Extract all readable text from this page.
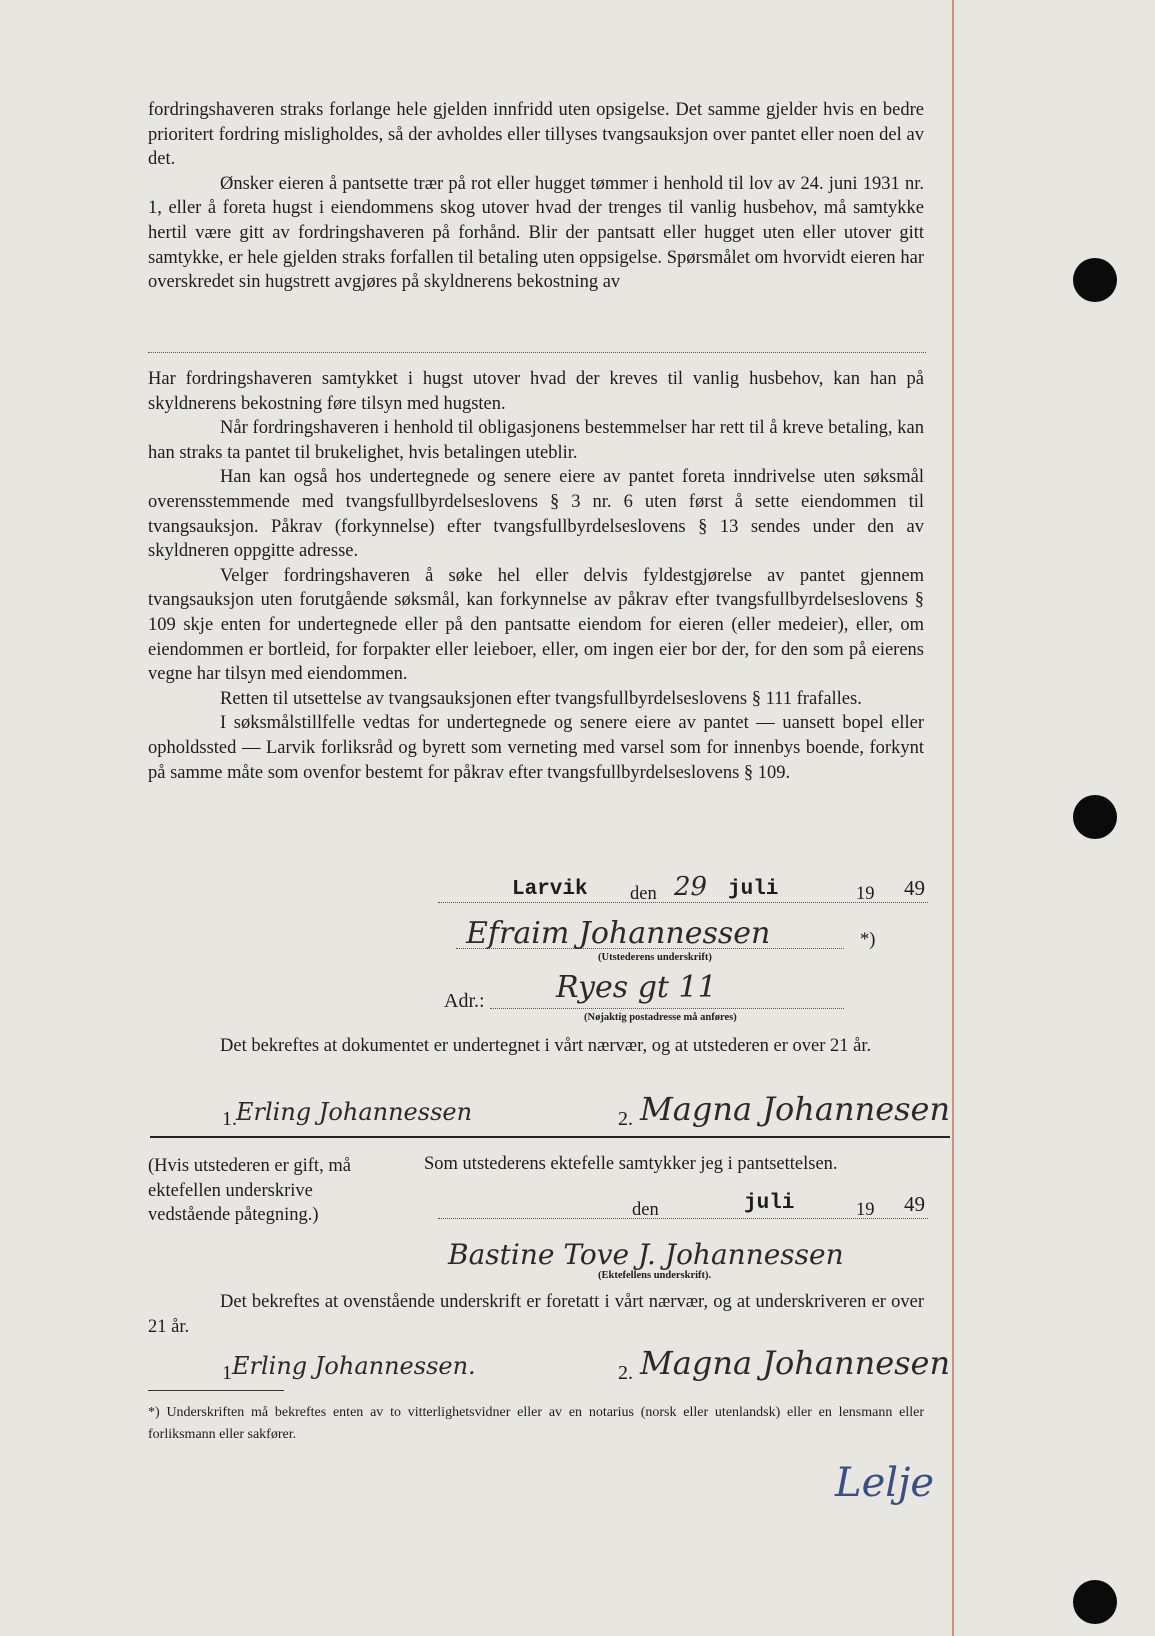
fordringshaveren straks forlange hele gjelden innfridd uten opsigelse. Det samme gjelder hvis en bedre prioritert fordring misligholdes, så der avholdes eller tillyses tvangsauksjon over pantet eller noen del av det.

Ønsker eieren å pantsette trær på rot eller hugget tømmer i henhold til lov av 24. juni 1931 nr. 1, eller å foreta hugst i eiendommens skog utover hvad der trenges til vanlig husbehov, må samtykke hertil være gitt av fordringshaveren på forhånd. Blir der pantsatt eller hugget uten eller utover gitt samtykke, er hele gjelden straks forfallen til betaling uten oppsigelse. Spørsmålet om hvorvidt eieren har overskredet sin hugstrett avgjøres på skyldnerens bekostning av

Har fordringshaveren samtykket i hugst utover hvad der kreves til vanlig husbehov, kan han på skyldnerens bekostning føre tilsyn med hugsten.

Når fordringshaveren i henhold til obligasjonens bestemmelser har rett til å kreve betaling, kan han straks ta pantet til brukelighet, hvis betalingen uteblir.

Han kan også hos undertegnede og senere eiere av pantet foreta inndrivelse uten søksmål overensstemmende med tvangsfullbyrdelseslovens § 3 nr. 6 uten først å sette eiendommen til tvangsauksjon. Påkrav (forkynnelse) efter tvangsfullbyrdelseslovens § 13 sendes under den av skyldneren oppgitte adresse.

Velger fordringshaveren å søke hel eller delvis fyldestgjørelse av pantet gjennem tvangsauksjon uten forutgående søksmål, kan forkynnelse av påkrav efter tvangsfullbyrdelseslovens § 109 skje enten for undertegnede eller på den pantsatte eiendom for eieren (eller medeier), eller, om eiendommen er bortleid, for forpakter eller leieboer, eller, om ingen eier bor der, for den som på eierens vegne har tilsyn med eiendommen.

Retten til utsettelse av tvangsauksjonen efter tvangsfullbyrdelseslovens § 111 frafalles.

I søksmålstillfelle vedtas for undertegnede og senere eiere av pantet — uansett bopel eller opholdssted — Larvik forliksråd og byrett som verneting med varsel som for innenbys boende, forkynt på samme måte som ovenfor bestemt for påkrav efter tvangsfullbyrdelseslovens § 109.

Larvik den 29 juli	19 49
Efraim Johannessen	*)
(Utstederens underskrift)
Adr.: Ryes gt 11
(Nøjaktig postadresse må anføres)

Det bekreftes at dokumentet er undertegnet i vårt nærvær, og at utstederen er over 21 år.

1. Erling Johannessen	2. Magna Johannesen
(Hvis utstederen er gift, må ektefellen underskrive vedstående påtegning.)
Som utstederens ektefelle samtykker jeg i pantsettelsen.
den	juli	19 49
Bastine Tove J. Johannessen
(Ektefellens underskrift).

Det bekreftes at ovenstående underskrift er foretatt i vårt nærvær, og at underskriveren er over 21 år.

1 Erling Johannessen.	2. Magna Johannesen
*) Underskriften må bekreftes enten av to vitterlighetsvidner eller av en notarius (norsk eller utenlandsk) eller en lensmann eller forliksmann eller sakfører.
Lelje
